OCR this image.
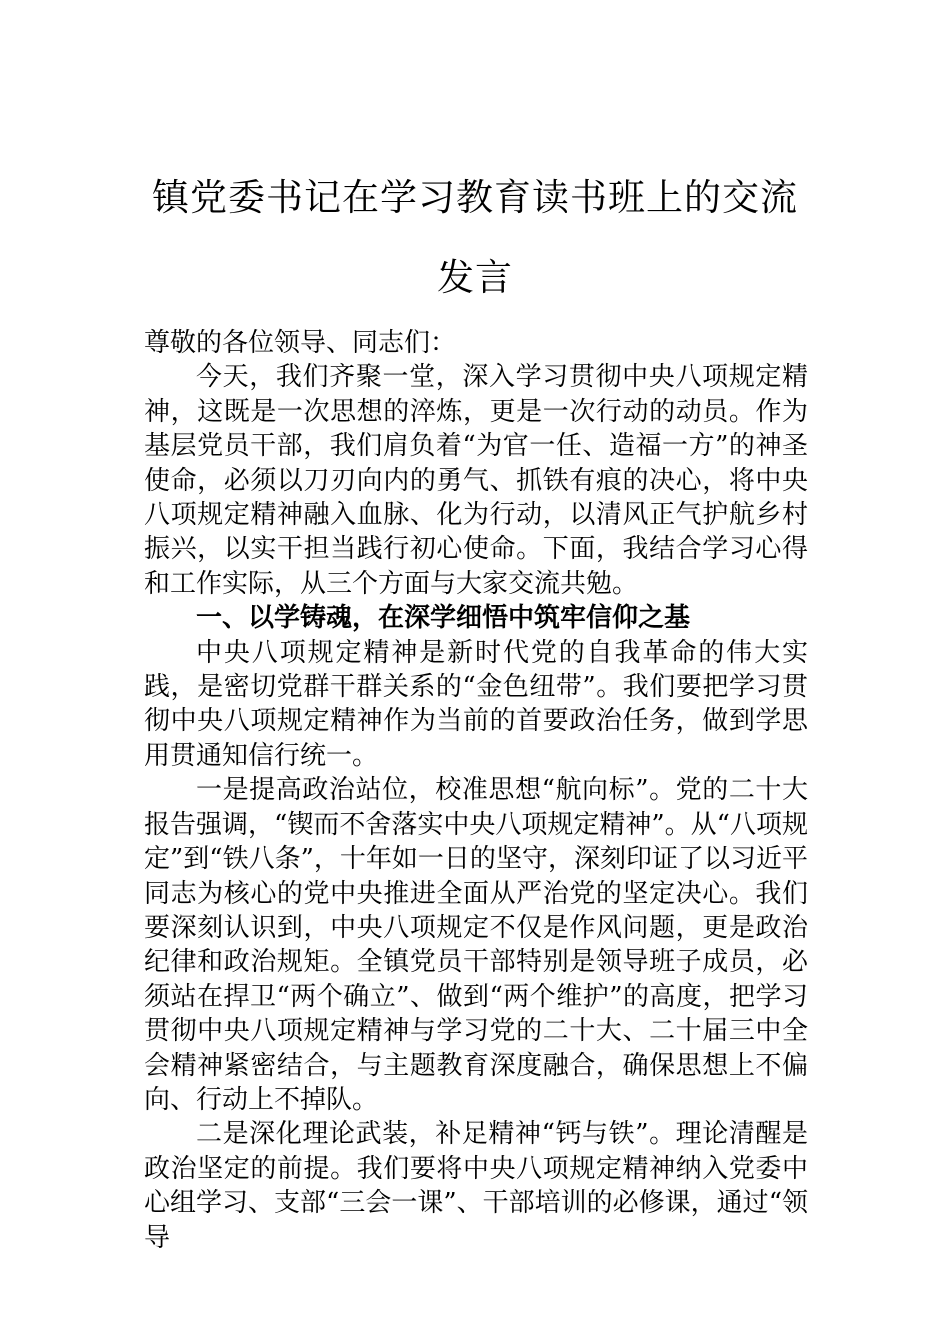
镇党委书记在学习教育读书班上的交流发言

尊敬的各位领导、同志们：

今天，我们齐聚一堂，深入学习贯彻中央八项规定精神，这既是一次思想的淬炼，更是一次行动的动员。作为基层党员干部，我们肩负着“为官一任、造福一方”的神圣使命，必须以刀刃向内的勇气、抓铁有痕的决心，将中央八项规定精神融入血脉、化为行动，以清风正气护航乡村振兴，以实干担当践行初心使命。下面，我结合学习心得和工作实际，从三个方面与大家交流共勉。

一、以学铸魂，在深学细悟中筑牢信仰之基

中央八项规定精神是新时代党的自我革命的伟大实践，是密切党群干群关系的“金色纽带”。我们要把学习贯彻中央八项规定精神作为当前的首要政治任务，做到学思用贯通知信行统一。

一是提高政治站位，校准思想“航向标”。党的二十大报告强调，“锲而不舍落实中央八项规定精神”。从“八项规定”到“铁八条”，十年如一日的坚守，深刻印证了以习近平同志为核心的党中央推进全面从严治党的坚定决心。我们要深刻认识到，中央八项规定不仅是作风问题，更是政治纪律和政治规矩。全镇党员干部特别是领导班子成员，必须站在捍卫“两个确立”、做到“两个维护”的高度，把学习贯彻中央八项规定精神与学习党的二十大、二十届三中全会精神紧密结合，与主题教育深度融合，确保思想上不偏向、行动上不掉队。

二是深化理论武装，补足精神“钙与铁”。理论清醒是政治坚定的前提。我们要将中央八项规定精神纳入党委中心组学习、支部“三会一课”、干部培训的必修课，通过“领导
